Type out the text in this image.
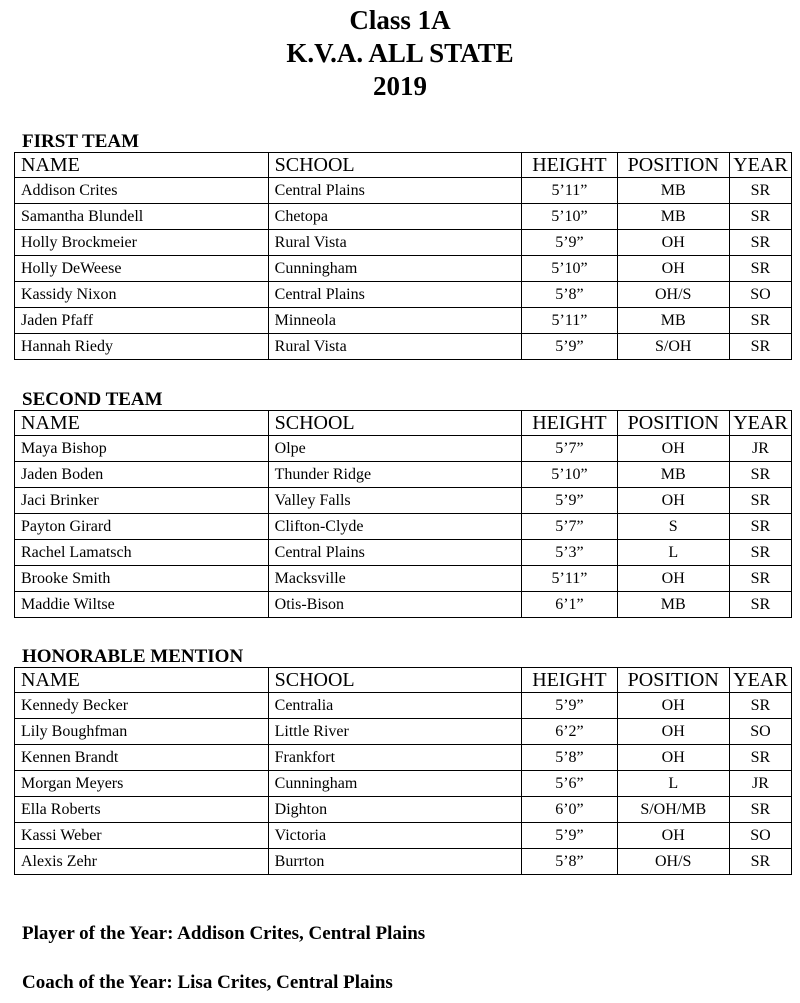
Class 1A
K.V.A. ALL STATE
2019
FIRST TEAM
NAME	SCHOOL	HEIGHT	POSITION	YEAR
Addison Crites	Central Plains	5’11”	MB	SR
Samantha Blundell	Chetopa	5’10”	MB	SR
Holly Brockmeier	Rural Vista	5’9”	OH	SR
Holly DeWeese	Cunningham	5’10”	OH	SR
Kassidy Nixon	Central Plains	5’8”	OH/S	SO
Jaden Pfaff	Minneola	5’11”	MB	SR
Hannah Riedy	Rural Vista	5’9”	S/OH	SR
SECOND TEAM
NAME	SCHOOL	HEIGHT	POSITION	YEAR
Maya Bishop	Olpe	5’7”	OH	JR
Jaden Boden	Thunder Ridge	5’10”	MB	SR
Jaci Brinker	Valley Falls	5’9”	OH	SR
Payton Girard	Clifton-Clyde	5’7”	S	SR
Rachel Lamatsch	Central Plains	5’3”	L	SR
Brooke Smith	Macksville	5’11”	OH	SR
Maddie Wiltse	Otis-Bison	6’1”	MB	SR
HONORABLE MENTION
NAME	SCHOOL	HEIGHT	POSITION	YEAR
Kennedy Becker	Centralia	5’9”	OH	SR
Lily Boughfman	Little River	6’2”	OH	SO
Kennen Brandt	Frankfort	5’8”	OH	SR
Morgan Meyers	Cunningham	5’6”	L	JR
Ella Roberts	Dighton	6’0”	S/OH/MB	SR
Kassi Weber	Victoria	5’9”	OH	SO
Alexis Zehr	Burrton	5’8”	OH/S	SR
Player of the Year: Addison Crites, Central Plains
Coach of the Year: Lisa Crites, Central Plains
